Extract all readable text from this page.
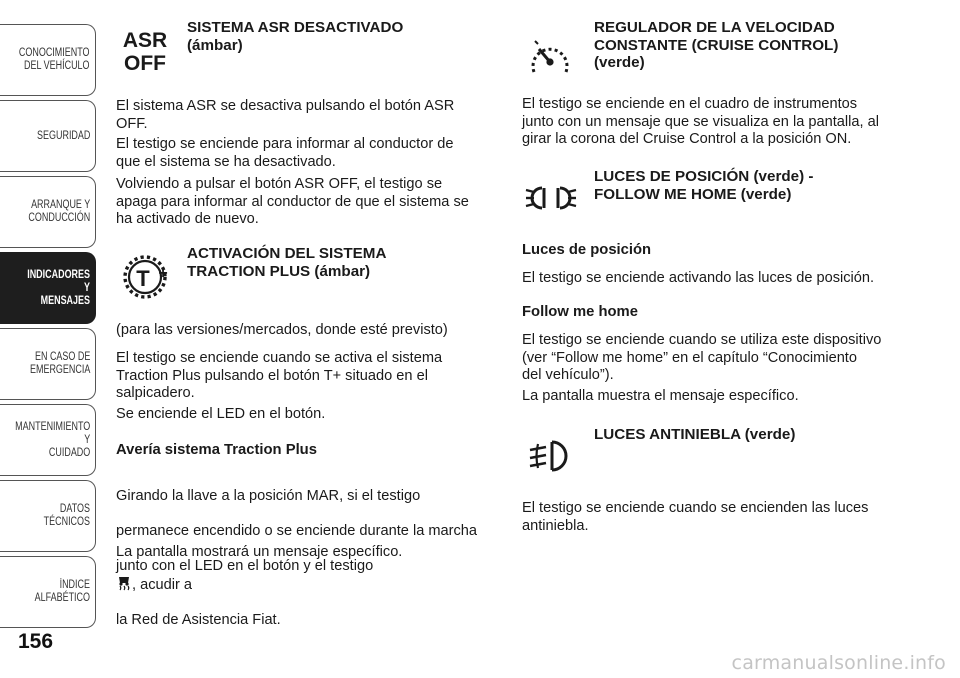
CONOCIMIENTO
DEL VEHÍCULO
SEGURIDAD
ARRANQUE Y
CONDUCCIÓN
INDICADORES Y
MENSAJES
EN CASO DE
EMERGENCIA
MANTENIMIENTO Y
CUIDADO
DATOS TÉCNICOS
ÍNDICE ALFABÉTICO
156
ASR
OFF
SISTEMA ASR DESACTIVADO
(ámbar)
El sistema ASR se desactiva pulsando el botón ASR
OFF.
El testigo se enciende para informar al conductor de
que el sistema se ha desactivado.
Volviendo a pulsar el botón ASR OFF, el testigo se
apaga para informar al conductor de que el sistema se
ha activado de nuevo.
T +
ACTIVACIÓN DEL SISTEMA
TRACTION PLUS (ámbar)
(para las versiones/mercados, donde esté previsto)
El testigo se enciende cuando se activa el sistema
Traction Plus pulsando el botón T+ situado en el
salpicadero.
Se enciende el LED en el botón.
Avería sistema Traction Plus

Girando la llave a la posición MAR, si el testigo

permanece encendido o se enciende durante la marcha

junto con el LED en el botón y el testigo
, acudir a

la Red de Asistencia Fiat.

La pantalla mostrará un mensaje específico.
REGULADOR DE LA VELOCIDAD
CONSTANTE (CRUISE CONTROL)
(verde)
El testigo se enciende en el cuadro de instrumentos
junto con un mensaje que se visualiza en la pantalla, al
girar la corona del Cruise Control a la posición ON.
LUCES DE POSICIÓN (verde) -
FOLLOW ME HOME (verde)
Luces de posición
El testigo se enciende activando las luces de posición.
Follow me home
El testigo se enciende cuando se utiliza este dispositivo
(ver “Follow me home” en el capítulo “Conocimiento
del vehículo”).
La pantalla muestra el mensaje específico.
LUCES ANTINIEBLA (verde)
El testigo se enciende cuando se encienden las luces
antiniebla.
carmanualsonline.info
